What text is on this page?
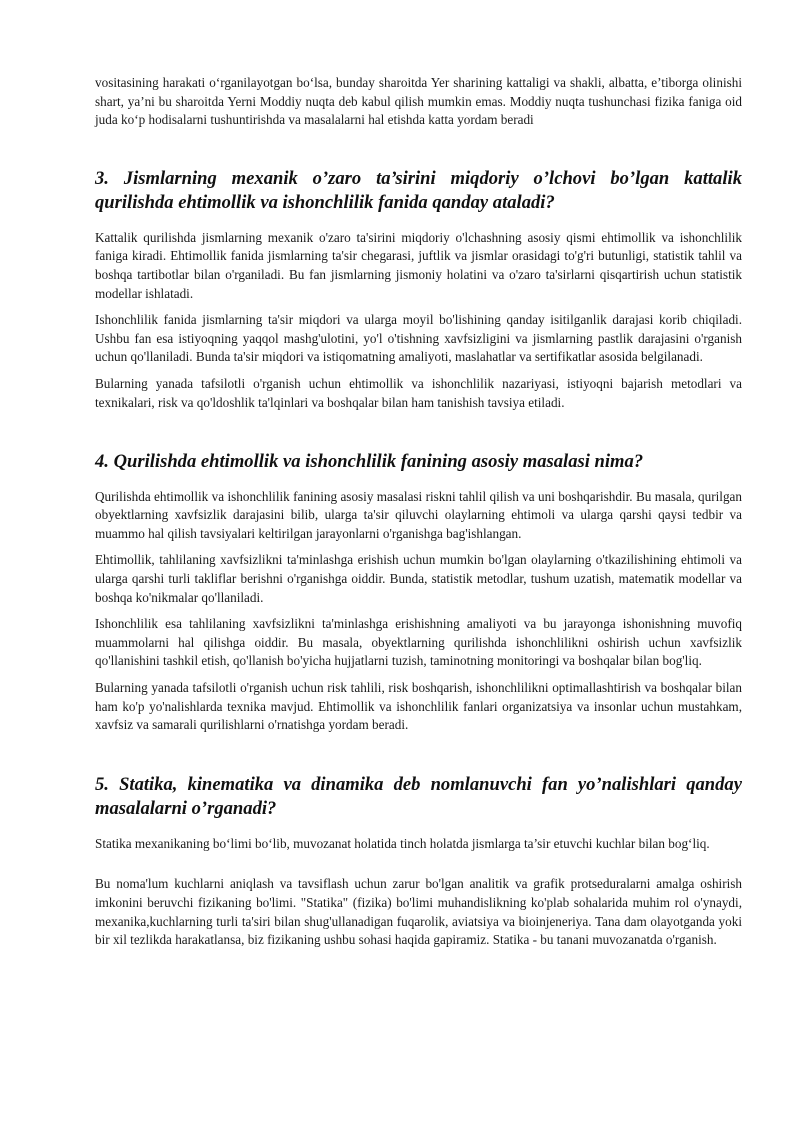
vositasining harakati o‘rganilayotgan bo‘lsa, bunday sharoitda Yer sharining kattaligi va shakli, albatta, e’tiborga olinishi shart, ya’ni bu sharoitda Yerni Moddiy nuqta deb kabul qilish mumkin emas. Moddiy nuqta tushunchasi fizika faniga oid juda ko‘p hodisalarni tushuntirishda va masalalarni hal etishda katta yordam beradi

3. Jismlarning mexanik o’zaro ta’sirini miqdoriy o’lchovi bo’lgan kattalik qurilishda ehtimollik va ishonchlilik fanida qanday ataladi?

Kattalik qurilishda jismlarning mexanik o'zaro ta'sirini miqdoriy o'lchashning asosiy qismi ehtimollik va ishonchlilik faniga kiradi. Ehtimollik fanida jismlarning ta'sir chegarasi, juftlik va jismlar orasidagi to'g'ri butunligi, statistik tahlil va boshqa tartibotlar bilan o'rganiladi. Bu fan jismlarning jismoniy holatini va o'zaro ta'sirlarni qisqartirish uchun statistik modellar ishlatadi.

Ishonchlilik fanida jismlarning ta'sir miqdori va ularga moyil bo'lishining qanday isitilganlik darajasi korib chiqiladi. Ushbu fan esa istiyoqning yaqqol mashg'ulotini, yo'l o'tishning xavfsizligini va jismlarning pastlik darajasini o'rganish uchun qo'llaniladi. Bunda ta'sir miqdori va istiqomatning amaliyoti, maslahatlar va sertifikatlar asosida belgilanadi.

Bularning yanada tafsilotli o'rganish uchun ehtimollik va ishonchlilik nazariyasi, istiyoqni bajarish metodlari va texnikalari, risk va qo'ldoshlik ta'lqinlari va boshqalar bilan ham tanishish tavsiya etiladi.

4. Qurilishda ehtimollik va ishonchlilik fanining asosiy masalasi nima?

Qurilishda ehtimollik va ishonchlilik fanining asosiy masalasi riskni tahlil qilish va uni boshqarishdir. Bu masala, qurilgan obyektlarning xavfsizlik darajasini bilib, ularga ta'sir qiluvchi olaylarning ehtimoli va ularga qarshi qaysi tedbir va muammo hal qilish tavsiyalari keltirilgan jarayonlarni o'rganishga bag'ishlangan.

Ehtimollik, tahlilaning xavfsizlikni ta'minlashga erishish uchun mumkin bo'lgan olaylarning o'tkazilishining ehtimoli va ularga qarshi turli takliflar berishni o'rganishga oiddir. Bunda, statistik metodlar, tushum uzatish, matematik modellar va boshqa ko'nikmalar qo'llaniladi.

Ishonchlilik esa tahlilaning xavfsizlikni ta'minlashga erishishning amaliyoti va bu jarayonga ishonishning muvofiq muammolarni hal qilishga oiddir. Bu masala, obyektlarning qurilishda ishonchlilikni oshirish uchun xavfsizlik qo'llanishini tashkil etish, qo'llanish bo'yicha hujjatlarni tuzish, taminotning monitoringi va boshqalar bilan bog'liq.

Bularning yanada tafsilotli o'rganish uchun risk tahlili, risk boshqarish, ishonchlilikni optimallashtirish va boshqalar bilan ham ko'p yo'nalishlarda texnika mavjud. Ehtimollik va ishonchlilik fanlari organizatsiya va insonlar uchun mustahkam, xavfsiz va samarali qurilishlarni o'rnatishga yordam beradi.

5. Statika, kinematika va dinamika deb nomlanuvchi fan yo’nalishlari qanday masalalarni o’rganadi?

Statika mexanikaning bo‘limi bo‘lib, muvozanat holatida tinch holatda jismlarga ta’sir etuvchi kuchlar bilan bog‘liq.

Bu noma'lum kuchlarni aniqlash va tavsiflash uchun zarur bo'lgan analitik va grafik protseduralarni amalga oshirish imkonini beruvchi fizikaning bo'limi. "Statika" (fizika) bo'limi muhandislikning ko'plab sohalarida muhim rol o'ynaydi, mexanika,kuchlarning turli ta'siri bilan shug'ullanadigan fuqarolik, aviatsiya va bioinjeneriya. Tana dam olayotganda yoki bir xil tezlikda harakatlansa, biz fizikaning ushbu sohasi haqida gapiramiz. Statika - bu tanani muvozanatda o'rganish.
